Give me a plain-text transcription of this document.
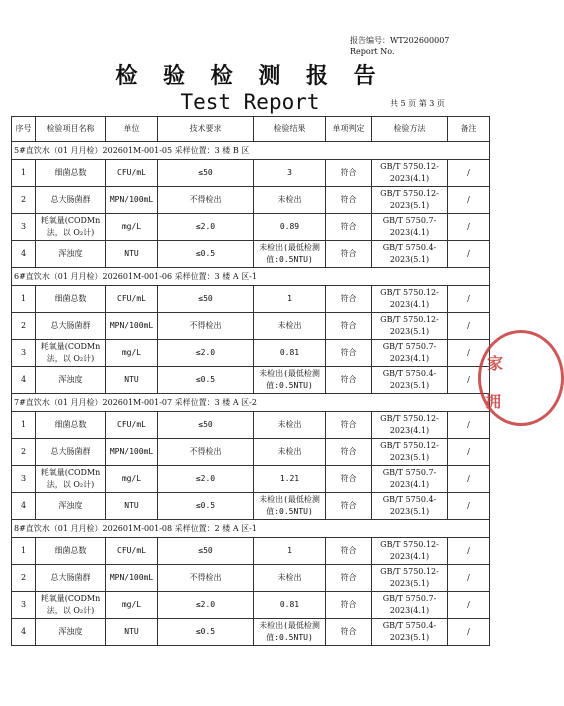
报告编号：WT202600007
Report No.
检 验 检 测 报 告
Test Report	共 5 页 第 3 页
序号	检验项目名称	单位	技术要求	检验结果	单项判定	检验方法	备注
5#直饮水（01 月月检）202601M-001-05 采样位置：3 楼 B 区							
1	细菌总数	CFU/mL	≤50	3	符合	GB/T 5750.12-2023(4.1)	/
2	总大肠菌群	MPN/100mL	不得检出	未检出	符合	GB/T 5750.12-2023(5.1)	/
3	耗氧量(CODMn 法，以 O₂计)	mg/L	≤2.0	0.89	符合	GB/T 5750.7-2023(4.1)	/
4	浑浊度	NTU	≤0.5	未检出(最低检测值:0.5NTU)	符合	GB/T 5750.4-2023(5.1)	/
6#直饮水（01 月月检）202601M-001-06 采样位置：3 楼 A 区-1							
1	细菌总数	CFU/mL	≤50	1	符合	GB/T 5750.12-2023(4.1)	/
2	总大肠菌群	MPN/100mL	不得检出	未检出	符合	GB/T 5750.12-2023(5.1)	/
3	耗氧量(CODMn 法，以 O₂计)	mg/L	≤2.0	0.81	符合	GB/T 5750.7-2023(4.1)	/
4	浑浊度	NTU	≤0.5	未检出(最低检测值:0.5NTU)	符合	GB/T 5750.4-2023(5.1)	/
7#直饮水（01 月月检）202601M-001-07 采样位置：3 楼 A 区-2							
1	细菌总数	CFU/mL	≤50	未检出	符合	GB/T 5750.12-2023(4.1)	/
2	总大肠菌群	MPN/100mL	不得检出	未检出	符合	GB/T 5750.12-2023(5.1)	/
3	耗氧量(CODMn 法，以 O₂计)	mg/L	≤2.0	1.21	符合	GB/T 5750.7-2023(4.1)	/
4	浑浊度	NTU	≤0.5	未检出(最低检测值:0.5NTU)	符合	GB/T 5750.4-2023(5.1)	/
8#直饮水（01 月月检）202601M-001-08 采样位置：2 楼 A 区-1							
1	细菌总数	CFU/mL	≤50	1	符合	GB/T 5750.12-2023(4.1)	/
2	总大肠菌群	MPN/100mL	不得检出	未检出	符合	GB/T 5750.12-2023(5.1)	/
3	耗氧量(CODMn 法，以 O₂计)	mg/L	≤2.0	0.81	符合	GB/T 5750.7-2023(4.1)	/
4	浑浊度	NTU	≤0.5	未检出(最低检测值:0.5NTU)	符合	GB/T 5750.4-2023(5.1)	/
家
拥
